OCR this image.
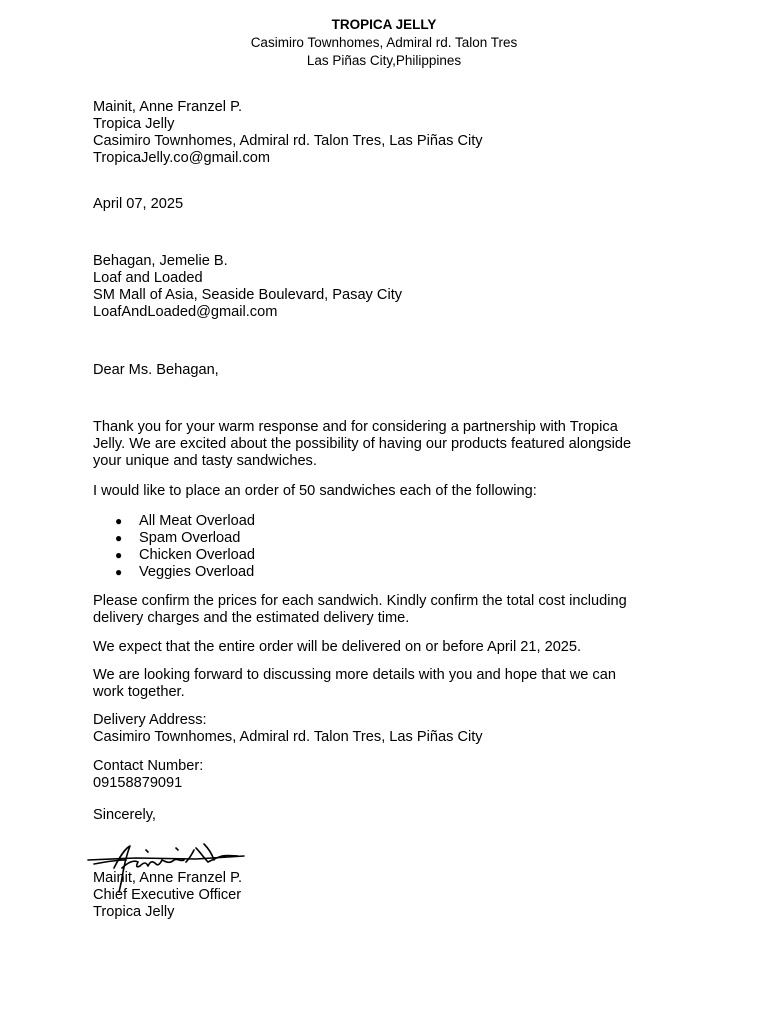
TROPICA JELLY
Casimiro Townhomes, Admiral rd. Talon Tres
Las Piñas City,Philippines
Mainit, Anne Franzel P.
Tropica Jelly
Casimiro Townhomes, Admiral rd. Talon Tres, Las Piñas City
TropicaJelly.co@gmail.com
April 07, 2025
Behagan, Jemelie B.
Loaf and Loaded
SM Mall of Asia, Seaside Boulevard, Pasay City
LoafAndLoaded@gmail.com
Dear Ms. Behagan,
Thank you for your warm response and for considering a partnership with Tropica
Jelly. We are excited about the possibility of having our products featured alongside
your unique and tasty sandwiches.
I would like to place an order of 50 sandwiches each of the following:
● All Meat Overload
● Spam Overload
● Chicken Overload
● Veggies Overload
Please confirm the prices for each sandwich. Kindly confirm the total cost including
delivery charges and the estimated delivery time.
We expect that the entire order will be delivered on or before April 21, 2025.
We are looking forward to discussing more details with you and hope that we can
work together.
Delivery Address:
Casimiro Townhomes, Admiral rd. Talon Tres, Las Piñas City
Contact Number:
09158879091
Sincerely,
Mainit, Anne Franzel P.
Chief Executive Officer
Tropica Jelly
